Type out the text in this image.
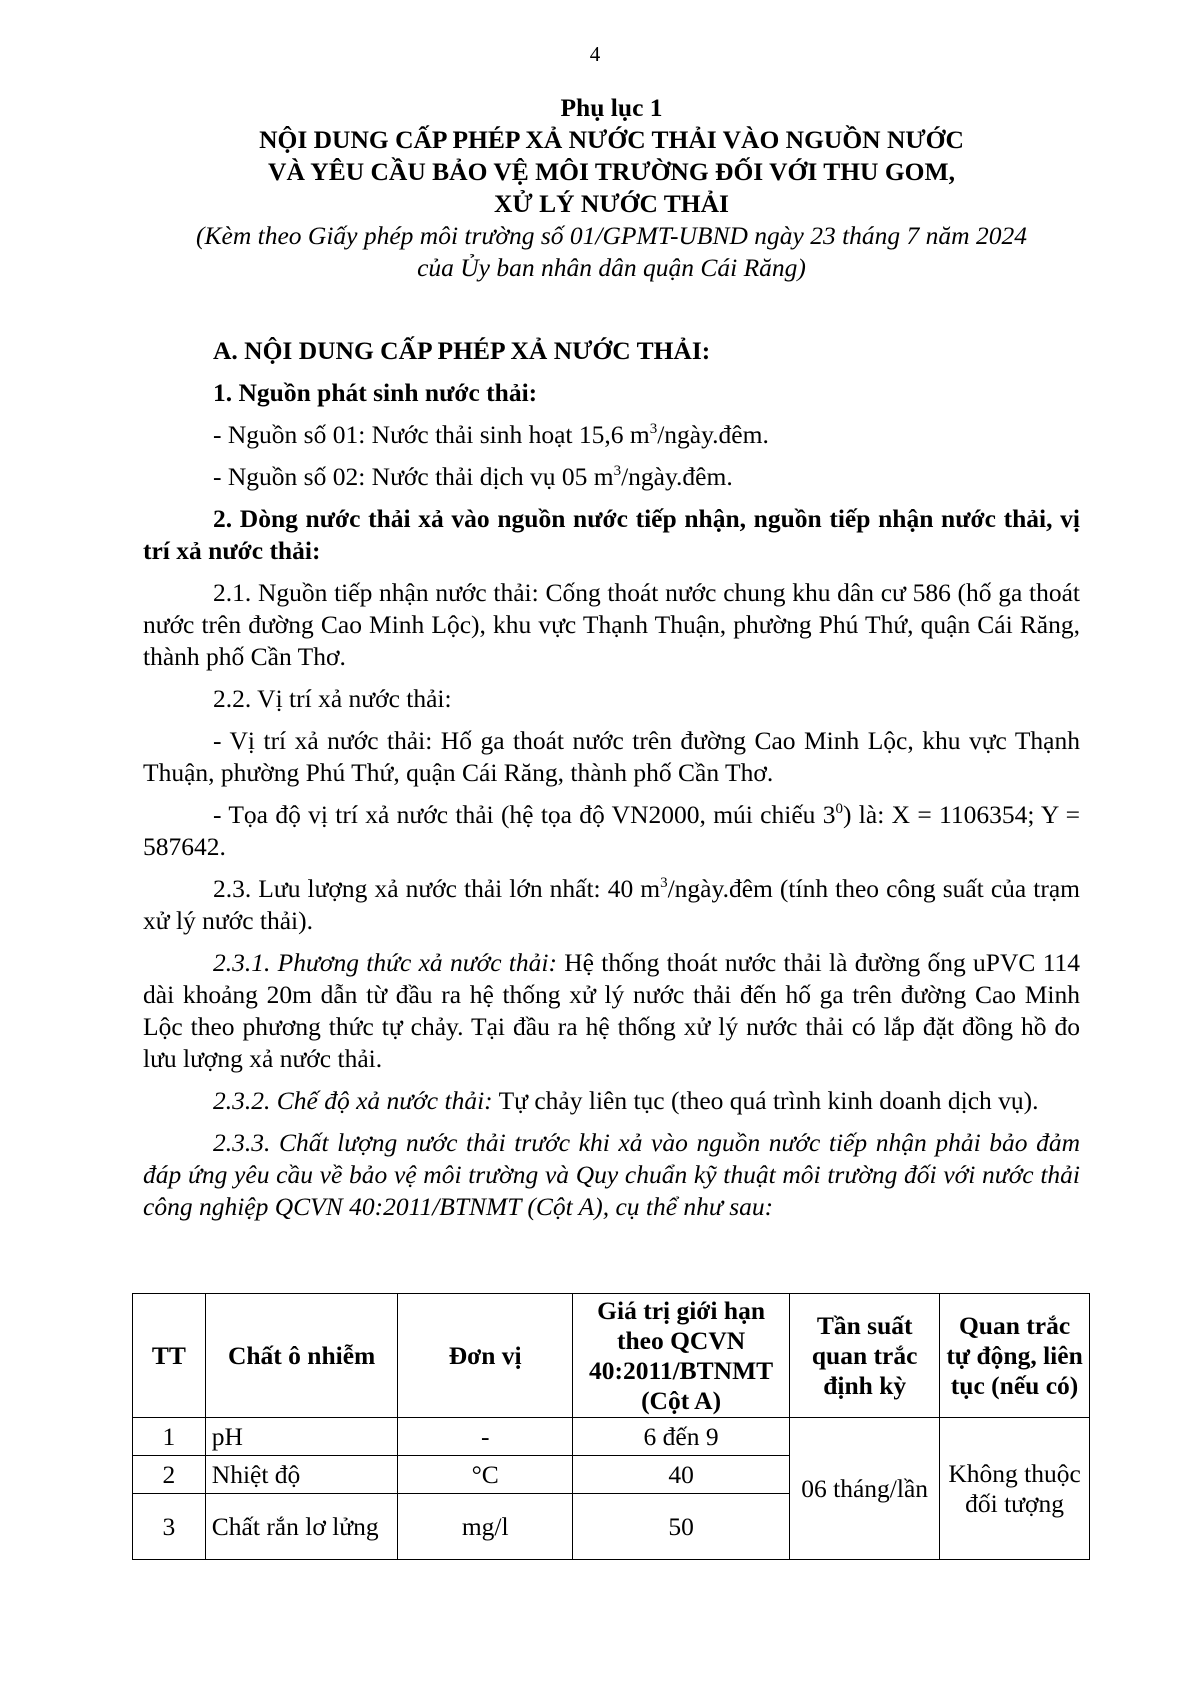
4
Phụ lục 1
NỘI DUNG CẤP PHÉP XẢ NƯỚC THẢI VÀO NGUỒN NƯỚC
VÀ YÊU CẦU BẢO VỆ MÔI TRƯỜNG ĐỐI VỚI THU GOM,
XỬ LÝ NƯỚC THẢI
(Kèm theo Giấy phép môi trường số 01/GPMT-UBND ngày 23 tháng 7 năm 2024
của Ủy ban nhân dân quận Cái Răng)

A. NỘI DUNG CẤP PHÉP XẢ NƯỚC THẢI:

1. Nguồn phát sinh nước thải:

- Nguồn số 01: Nước thải sinh hoạt 15,6 $m^3/ngày.đêm$.

- Nguồn số 02: Nước thải dịch vụ 05 $m^3/ngày.đêm$.

2. Dòng nước thải xả vào nguồn nước tiếp nhận, nguồn tiếp nhận nước thải, vị trí xả nước thải:

2.1. Nguồn tiếp nhận nước thải: Cống thoát nước chung khu dân cư 586 (hố ga thoát nước trên đường Cao Minh Lộc), khu vực Thạnh Thuận, phường Phú Thứ, quận Cái Răng, thành phố Cần Thơ.

2.2. Vị trí xả nước thải:

- Vị trí xả nước thải: Hố ga thoát nước trên đường Cao Minh Lộc, khu vực Thạnh Thuận, phường Phú Thứ, quận Cái Răng, thành phố Cần Thơ.

- Tọa độ vị trí xả nước thải (hệ tọa độ VN2000, múi chiếu $3^0$) là: X = 1106354; Y = 587642.

2.3. Lưu lượng xả nước thải lớn nhất: 40 $m^3/ngày.đêm$ (tính theo công suất của trạm xử lý nước thải).

2.3.1. Phương thức xả nước thải: Hệ thống thoát nước thải là đường ống uPVC 114 dài khoảng 20m dẫn từ đầu ra hệ thống xử lý nước thải đến hố ga trên đường Cao Minh Lộc theo phương thức tự chảy. Tại đầu ra hệ thống xử lý nước thải có lắp đặt đồng hồ đo lưu lượng xả nước thải.

2.3.2. Chế độ xả nước thải: Tự chảy liên tục (theo quá trình kinh doanh dịch vụ).

2.3.3. Chất lượng nước thải trước khi xả vào nguồn nước tiếp nhận phải bảo đảm đáp ứng yêu cầu về bảo vệ môi trường và Quy chuẩn kỹ thuật môi trường đối với nước thải công nghiệp QCVN 40:2011/BTNMT (Cột A), cụ thể như sau:

TT	Chất ô nhiễm	Đơn vị	Giá trị giới hạn theo QCVN 40:2011/BTNMT (Cột A)	Tần suất quan trắc định kỳ	Quan trắc tự động, liên tục (nếu có)
1	pH	-	6 đến 9	06 tháng/lần	Không thuộc đối tượng
2	Nhiệt độ	°C	40		
3	Chất rắn lơ lửng	mg/l	50		
